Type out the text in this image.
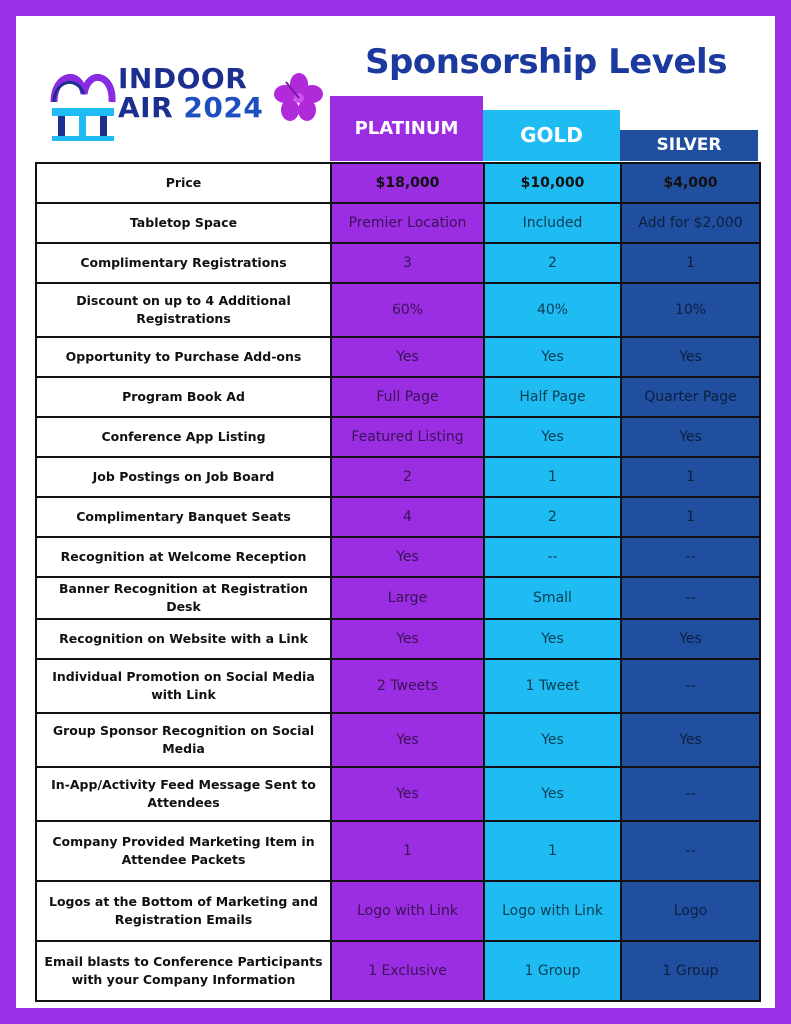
INDOOR
AIR 2024
Sponsorship Levels
PLATINUM	GOLD	SILVER
Price	$18,000	$10,000	$4,000
Tabletop Space	Premier Location	Included	Add for $2,000
Complimentary Registrations	3	2	1
Discount on up to 4 Additional Registrations	60%	40%	10%
Opportunity to Purchase Add-ons	Yes	Yes	Yes
Program Book Ad	Full Page	Half Page	Quarter Page
Conference App Listing	Featured Listing	Yes	Yes
Job Postings on Job Board	2	1	1
Complimentary Banquet Seats	4	2	1
Recognition at Welcome Reception	Yes	--	--
Banner Recognition at Registration Desk	Large	Small	--
Recognition on Website with a Link	Yes	Yes	Yes
Individual Promotion on Social Media with Link	2 Tweets	1 Tweet	--
Group Sponsor Recognition on Social Media	Yes	Yes	Yes
In-App/Activity Feed Message Sent to Attendees	Yes	Yes	--
Company Provided Marketing Item in Attendee Packets	1	1	--
Logos at the Bottom of Marketing and Registration Emails	Logo with Link	Logo with Link	Logo
Email blasts to Conference Participants with your Company Information	1 Exclusive	1 Group	1 Group
